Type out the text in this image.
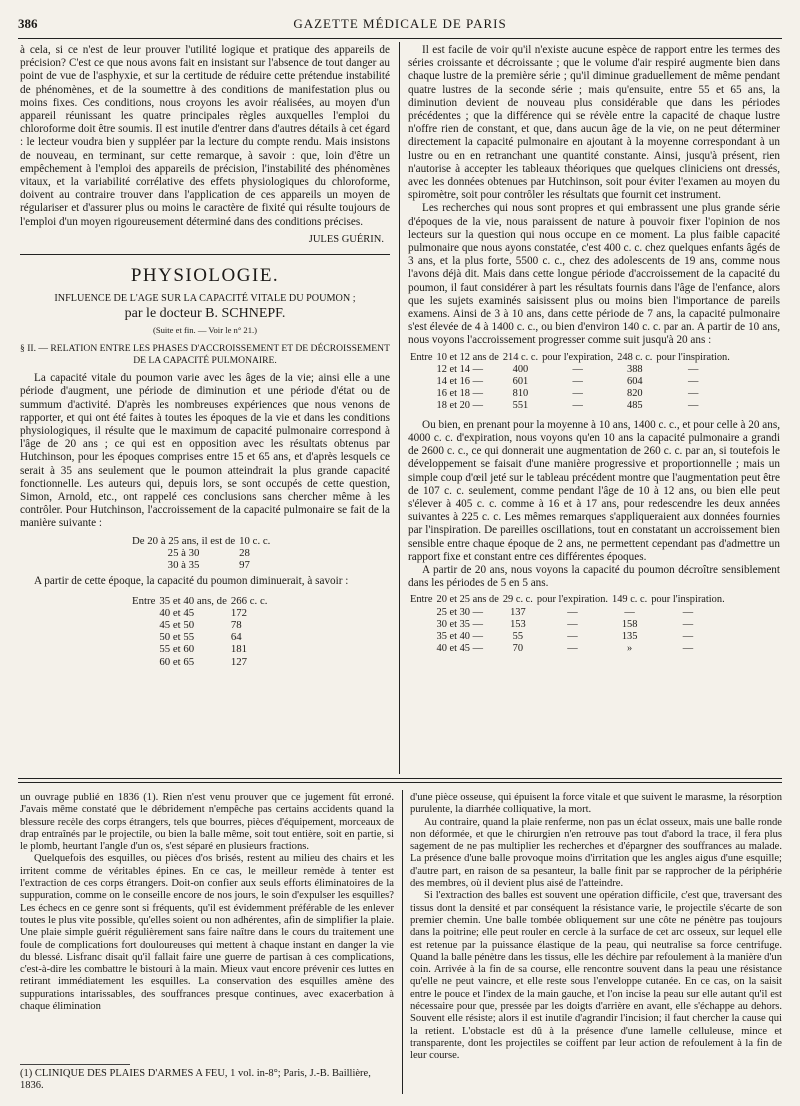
386	GAZETTE MÉDICALE DE PARIS

à cela, si ce n'est de leur prouver l'utilité logique et pratique des appareils de précision? C'est ce que nous avons fait en insistant sur l'absence de tout danger au point de vue de l'asphyxie, et sur la certitude de réduire cette prétendue instabilité de phénomènes, et de la soumettre à des conditions de manifestation plus ou moins fixes. Ces conditions, nous croyons les avoir réalisées, au moyen d'un appareil réunissant les quatre principales règles auxquelles l'emploi du chloroforme doit être soumis. Il est inutile d'entrer dans d'autres détails à cet égard : le lecteur voudra bien y suppléer par la lecture du compte rendu. Mais insistons de nouveau, en terminant, sur cette remarque, à savoir : que, loin d'être un empêchement à l'emploi des appareils de précision, l'instabilité des phénomènes vitaux, et la variabilité corrélative des effets physiologiques du chloroforme, doivent au contraire trouver dans l'application de ces appareils un moyen de régulariser et d'assurer plus ou moins le caractère de fixité qui résulte toujours de l'emploi d'un moyen rigoureusement déterminé dans des conditions précises.

JULES GUÉRIN.
PHYSIOLOGIE.
INFLUENCE DE L'AGE SUR LA CAPACITÉ VITALE DU POUMON ;
par le docteur B. SCHNEPF.
(Suite et fin. — Voir le n° 21.)
§ II. — RELATION ENTRE LES PHASES D'ACCROISSEMENT ET DE DÉCROISSEMENT DE LA CAPACITÉ PULMONAIRE.

La capacité vitale du poumon varie avec les âges de la vie; ainsi elle a une période d'augment, une période de diminution et une période d'état ou de summum d'activité. D'après les nombreuses expériences que nous venons de rapporter, et qui ont été faites à toutes les époques de la vie et dans les conditions physiologiques, il résulte que le maximum de capacité pulmonaire correspond à l'âge de 20 ans ; ce qui est en opposition avec les résultats obtenus par Hutchinson, pour les époques comprises entre 15 et 65 ans, et d'après lesquels ce serait à 35 ans seulement que le poumon atteindrait la plus grande capacité fonctionnelle. Les auteurs qui, depuis lors, se sont occupés de cette question, Simon, Arnold, etc., ont rappelé ces conclusions sans chercher même à les contrôler. Pour Hutchinson, l'accroissement de la capacité pulmonaire se fait de la manière suivante :

De 20 à 25 ans, il est de	10 c. c.
25 à 30	28
30 à 35	97

A partir de cette époque, la capacité du poumon diminuerait, à savoir :

Entre	35 et 40 ans, de	266 c. c.
	40 et 45	172
	45 et 50	78
	50 et 55	64
	55 et 60	181
	60 et 65	127

Il est facile de voir qu'il n'existe aucune espèce de rapport entre les termes des séries croissante et décroissante ; que le volume d'air respiré augmente bien dans chaque lustre de la première série ; qu'il diminue graduellement de même pendant quatre lustres de la seconde série ; mais qu'ensuite, entre 55 et 65 ans, la diminution devient de nouveau plus considérable que dans les périodes précédentes ; que la différence qui se révèle entre la capacité de chaque lustre n'offre rien de constant, et que, dans aucun âge de la vie, on ne peut déterminer directement la capacité pulmonaire en ajoutant à la moyenne correspondant à un lustre ou en en retranchant une quantité constante. Ainsi, jusqu'à présent, rien n'autorise à accepter les tableaux théoriques que quelques cliniciens ont dressés, avec les données obtenues par Hutchinson, soit pour éviter l'examen au moyen du spiromètre, soit pour contrôler les résultats que fournit cet instrument.

Les recherches qui nous sont propres et qui embrassent une plus grande série d'époques de la vie, nous paraissent de nature à pouvoir fixer l'opinion de nos lecteurs sur la question qui nous occupe en ce moment. La plus faible capacité pulmonaire que nous ayons constatée, c'est 400 c. c. chez quelques enfants âgés de 3 ans, et la plus forte, 5500 c. c., chez des adolescents de 19 ans, comme nous l'avons déjà dit. Mais dans cette longue période d'accroissement de la capacité du poumon, il faut considérer à part les résultats fournis dans l'âge de l'enfance, alors que les sujets examinés saisissent plus ou moins bien l'importance de pareils examens. Ainsi de 3 à 10 ans, dans cette période de 7 ans, la capacité pulmonaire s'est élevée de 4 à 1400 c. c., ou bien d'environ 140 c. c. par an. A partir de 10 ans, nous voyons l'accroissement progresser comme suit jusqu'à 20 ans :

Entre	10 et 12 ans de	214 c. c.	pour l'expiration,	248 c. c.	pour l'inspiration.
	12 et 14 —	400	—	388	—
	14 et 16 —	601	—	604	—
	16 et 18 —	810	—	820	—
	18 et 20 —	551	—	485	—

Ou bien, en prenant pour la moyenne à 10 ans, 1400 c. c., et pour celle à 20 ans, 4000 c. c. d'expiration, nous voyons qu'en 10 ans la capacité pulmonaire a grandi de 2600 c. c., ce qui donnerait une augmentation de 260 c. c. par an, si toutefois le développement se faisait d'une manière progressive et proportionnelle ; mais un simple coup d'œil jeté sur le tableau précédent montre que l'augmentation peut être de 107 c. c. seulement, comme pendant l'âge de 10 à 12 ans, ou bien elle peut s'élever à 405 c. c. comme à 16 et à 17 ans, pour redescendre les deux années suivantes à 225 c. c. Les mêmes remarques s'appliqueraient aux données fournies par l'inspiration. De pareilles oscillations, tout en constatant un accroissement bien sensible entre chaque époque de 2 ans, ne permettent cependant pas d'admettre un rapport fixe et constant entre ces différentes époques.

A partir de 20 ans, nous voyons la capacité du poumon décroître sensiblement dans les périodes de 5 en 5 ans.

Entre	20 et 25 ans de	29 c. c.	pour l'expiration.	149 c. c.	pour l'inspiration.
	25 et 30 —	137	—	—	—
	30 et 35 —	153	—	158	—
	35 et 40 —	55	—	135	—
	40 et 45 —	70	—	»	—

un ouvrage publié en 1836 (1). Rien n'est venu prouver que ce jugement fût erroné. J'avais même constaté que le débridement n'empêche pas certains accidents quand la blessure recèle des corps étrangers, tels que bourres, pièces d'équipement, morceaux de drap entraînés par le projectile, ou bien la balle même, soit tout entière, soit en partie, si le plomb, heurtant l'angle d'un os, s'est séparé en plusieurs fractions.

Quelquefois des esquilles, ou pièces d'os brisés, restent au milieu des chairs et les irritent comme de véritables épines. En ce cas, le meilleur remède à tenter est l'extraction de ces corps étrangers. Doit-on confier aux seuls efforts éliminatoires de la suppuration, comme on le conseille encore de nos jours, le soin d'expulser les esquilles? Les échecs en ce genre sont si fréquents, qu'il est évidemment préférable de les enlever toutes le plus vite possible, qu'elles soient ou non adhérentes, afin de simplifier la plaie. Une plaie simple guérit régulièrement sans faire naître dans le cours du traitement une foule de complications fort douloureuses qui mettent à chaque instant en danger la vie du blessé. Lisfranc disait qu'il fallait faire une guerre de partisan à ces complications, c'est-à-dire les combattre le bistouri à la main. Mieux vaut encore prévenir ces luttes en retirant immédiatement les esquilles. La conservation des esquilles amène des suppurations intarissables, des souffrances presque continues, avec exacerbation à chaque élimination

(1) CLINIQUE DES PLAIES D'ARMES A FEU, 1 vol. in-8°; Paris, J.-B. Baillière, 1836.

d'une pièce osseuse, qui épuisent la force vitale et que suivent le marasme, la résorption purulente, la diarrhée colliquative, la mort.

Au contraire, quand la plaie renferme, non pas un éclat osseux, mais une balle ronde non déformée, et que le chirurgien n'en retrouve pas tout d'abord la trace, il fera plus sagement de ne pas multiplier les recherches et d'épargner des souffrances au malade. La présence d'une balle provoque moins d'irritation que les angles aigus d'une esquille; d'autre part, en raison de sa pesanteur, la balle finit par se rapprocher de la périphérie des membres, où il devient plus aisé de l'atteindre.

Si l'extraction des balles est souvent une opération difficile, c'est que, traversant des tissus dont la densité et par conséquent la résistance varie, le projectile s'écarte de son premier chemin. Une balle tombée obliquement sur une côte ne pénètre pas toujours dans la poitrine; elle peut rouler en cercle à la surface de cet arc osseux, sur lequel elle est retenue par la puissance élastique de la peau, qui neutralise sa force centrifuge. Quand la balle pénètre dans les tissus, elle les déchire par refoulement à la manière d'un coin. Arrivée à la fin de sa course, elle rencontre souvent dans la peau une résistance qu'elle ne peut vaincre, et elle reste sous l'enveloppe cutanée. En ce cas, on la saisit entre le pouce et l'index de la main gauche, et l'on incise la peau sur elle autant qu'il est nécessaire pour que, pressée par les doigts d'arrière en avant, elle s'échappe au dehors. Souvent elle résiste; alors il est inutile d'agrandir l'incision; il faut chercher la cause qui la retient. L'obstacle est dû à la présence d'une lamelle celluleuse, mince et transparente, dont les projectiles se coiffent par leur action de refoulement à la fin de leur course.
